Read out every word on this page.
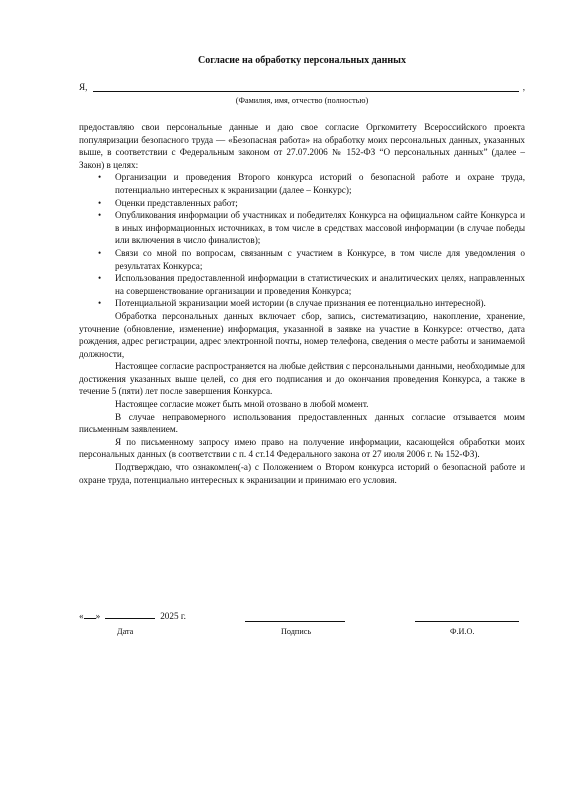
Согласие на обработку персональных данных
Я,	,
(Фамилия, имя, отчество (полностью)

предоставляю свои персональные данные и даю свое согласие Оргкомитету Всероссийского проекта популяризации безопасного труда — «Безопасная работа» на обработку моих персональных данных, указанных выше, в соответствии с Федеральным законом от 27.07.2006 № 152-ФЗ “О персональных данных” (далее – Закон) в целях:

• Организации и проведения Второго конкурса историй о безопасной работе и охране труда, потенциально интересных к экранизации (далее – Конкурс);
• Оценки представленных работ;
• Опубликования информации об участниках и победителях Конкурса на официальном сайте Конкурса и в иных информационных источниках, в том числе в средствах массовой информации (в случае победы или включения в число финалистов);
• Связи со мной по вопросам, связанным с участием в Конкурсе, в том числе для уведомления о результатах Конкурса;
• Использования предоставленной информации в статистических и аналитических целях, направленных на совершенствование организации и проведения Конкурса;
• Потенциальной экранизации моей истории (в случае признания ее потенциально интересной).

Обработка персональных данных включает сбор, запись, систематизацию, накопление, хранение, уточнение (обновление, изменение) информация, указанной в заявке на участие в Конкурсе: отчество, дата рождения, адрес регистрации, адрес электронной почты, номер телефона, сведения о месте работы и занимаемой должности,

Настоящее согласие распространяется на любые действия с персональными данными, необходимые для достижения указанных выше целей, со дня его подписания и до окончания проведения Конкурса, а также в течение 5 (пяти) лет после завершения Конкурса.

Настоящее согласие может быть мной отозвано в любой момент.

В случае неправомерного использования предоставленных данных согласие отзывается моим письменным заявлением.

Я по письменному запросу имею право на получение информации, касающейся обработки моих персональных данных (в соответствии с п. 4 ст.14 Федерального закона от 27 июля 2006 г. № 152-ФЗ).

Подтверждаю, что ознакомлен(-а) с Положением о Втором конкурса историй о безопасной работе и охране труда, потенциально интересных к экранизации и принимаю его условия.

« »	2025 г.
Дата	Подпись	Ф.И.О.
